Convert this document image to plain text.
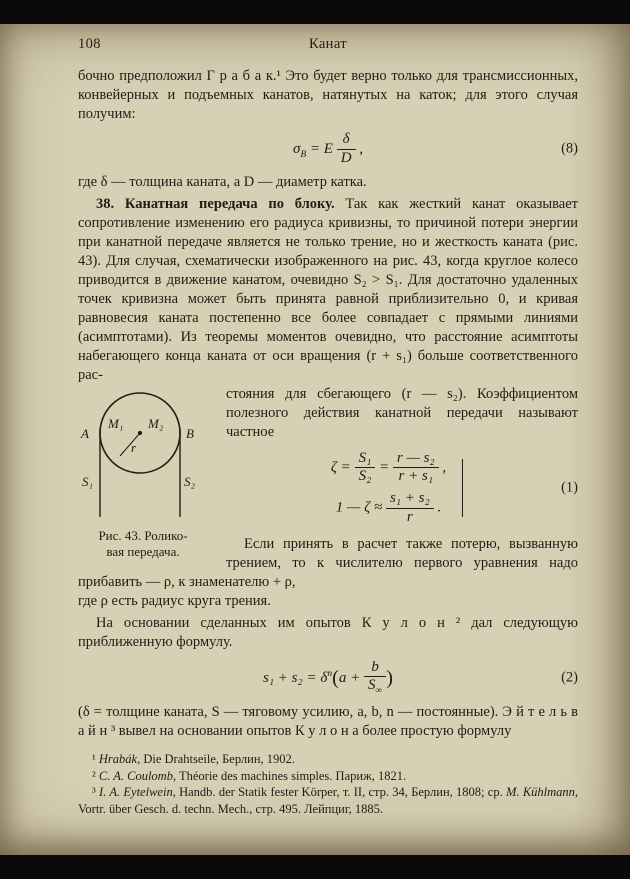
108	Канат

бочно предположил Г р а б а к.¹ Это будет верно только для трансмиссионных, конвейерных и подъемных канатов, натянутых на каток; для этого случая получим:

$\sigma_B = E \frac{\delta}{D}$ ,	(8)

где δ — толщина каната, а D — диаметр катка.

38. Канатная передача по блоку. Так как жесткий канат оказывает сопротивление изменению его радиуса кривизны, то причиной потери энергии при канатной передаче является не только трение, но и жесткость каната (рис. 43). Для случая, схематически изображенного на рис. 43, когда круглое колесо приводится в движение канатом, очевидно S₂ > S₁. Для достаточно удаленных точек кривизна может быть принята равной приблизительно 0, и кривая равновесия каната постепенно все более совпадает с прямыми линиями (асимптотами). Из теоремы моментов очевидно, что расстояние асимптоты набегающего конца каната от оси вращения (r + s₁) больше соответственного рас-

A	B
M₁ M₂
r
S₁	S₂
Рис. 43. Ролико-
вая передача.

стояния для сбегающего (r — s₂). Коэффициентом полезного действия канатной передачи называют частное

$\zeta = \frac{\text{S₁}}{\text{S₂}} = \frac{\text{r — s₂}}{\text{r + s₁}}$ ,
1 — $\zeta \approx \frac{\text{s₁ + s₂}}{r}$ .
(1)

Если принять в расчет также потерю, вызванную трением, то к числителю первого уравнения надо прибавить — ρ, к знаменателю + ρ,

где ρ есть радиус круга трения.

На основании сделанных им опытов К у л о н ² дал следующую приближенную формулу.

$s_1 + s_2 = \delta^n(a + \frac{b}{S_\infty}$ )	(2)

(δ = толщине каната, S — тяговому усилию, a, b, n — постоянные). Э й т е л ь в а й н ³ вывел на основании опытов К у л о н а более простую формулу

¹ Hrabák, Die Drahtseile, Берлин, 1902.

² C. A. Coulomb, Théorie des machines simples. Париж, 1821.

³ I. A. Eytelwein, Handb. der Statik fester Körper, т. II, стр. 34, Берлин, 1808; ср. M. Kühlmann, Vortr. über Gesch. d. techn. Mech., стр. 495. Лейпциг, 1885.
